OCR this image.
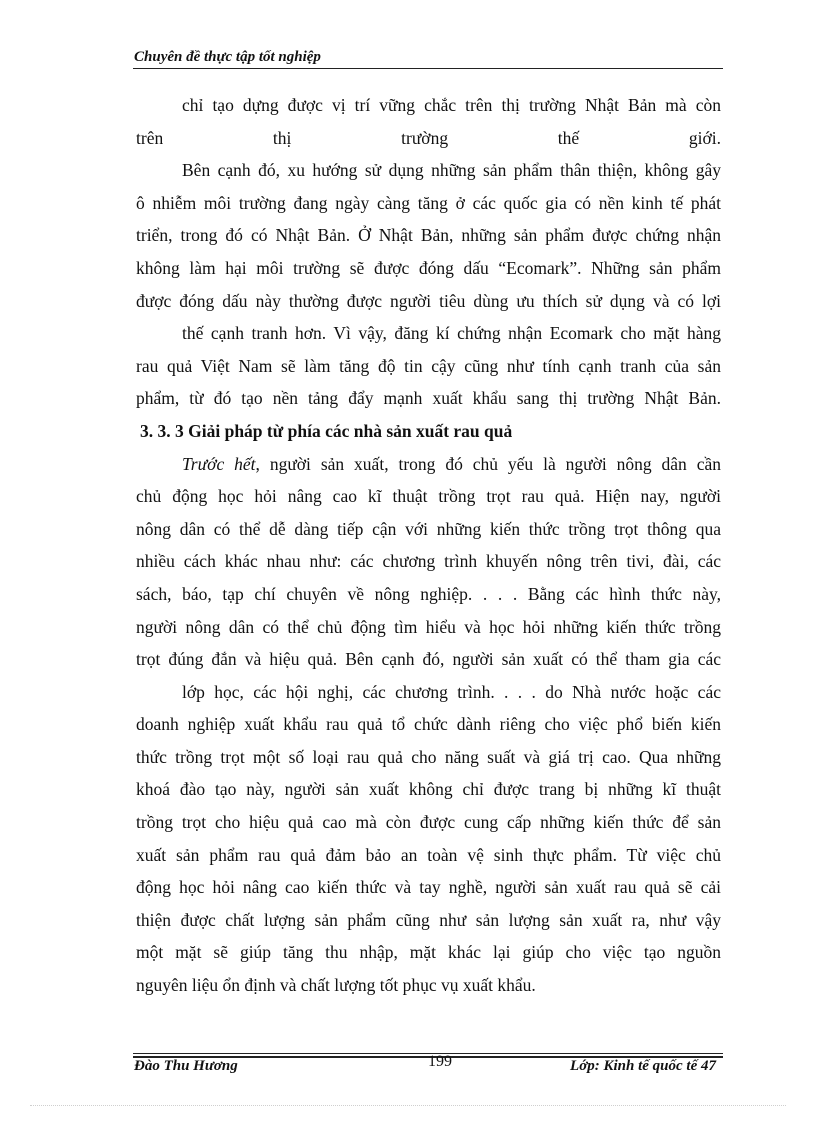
Chuyên đề thực tập tốt nghiệp
chỉ tạo dựng được vị trí vững chắc trên thị trường Nhật Bản mà còn
trên thị trường thế giới.
Bên cạnh đó, xu hướng sử dụng những sản phẩm thân thiện, không gây
ô nhiễm môi trường đang ngày càng tăng ở các quốc gia có nền kinh tế phát
triển, trong đó có Nhật Bản. Ở Nhật Bản, những sản phẩm được chứng nhận
không làm hại môi trường sẽ được đóng dấu “Ecomark”. Những sản phẩm
được đóng dấu này thường được người tiêu dùng ưu thích sử dụng và có lợi
thế cạnh tranh hơn. Vì vậy, đăng kí chứng nhận Ecomark cho mặt hàng
rau quả Việt Nam sẽ làm tăng độ tin cậy cũng như tính cạnh tranh của sản
phẩm, từ đó tạo nền tảng đẩy mạnh xuất khẩu sang thị trường Nhật Bản.
3. 3. 3 Giải pháp từ phía các nhà sản xuất rau quả
Trước hết, người sản xuất, trong đó chủ yếu là người nông dân cần
chủ động học hỏi nâng cao kĩ thuật trồng trọt rau quả. Hiện nay, người
nông dân có thể dễ dàng tiếp cận với những kiến thức trồng trọt thông qua
nhiều cách khác nhau như: các chương trình khuyến nông trên tivi, đài, các
sách, báo, tạp chí chuyên về nông nghiệp. . . . Bằng các hình thức này,
người nông dân có thể chủ động tìm hiểu và học hỏi những kiến thức trồng
trọt đúng đắn và hiệu quả. Bên cạnh đó, người sản xuất có thể tham gia các
lớp học, các hội nghị, các chương trình. . . . do Nhà nước hoặc các
doanh nghiệp xuất khẩu rau quả tổ chức dành riêng cho việc phổ biến kiến
thức trồng trọt một số loại rau quả cho năng suất và giá trị cao. Qua những
khoá đào tạo này, người sản xuất không chỉ được trang bị những kĩ thuật
trồng trọt cho hiệu quả cao mà còn được cung cấp những kiến thức để sản
xuất sản phẩm rau quả đảm bảo an toàn vệ sinh thực phẩm. Từ việc chủ
động học hỏi nâng cao kiến thức và tay nghề, người sản xuất rau quả sẽ cải
thiện được chất lượng sản phẩm cũng như sản lượng sản xuất ra, như vậy
một mặt sẽ giúp tăng thu nhập, mặt khác lại giúp cho việc tạo nguồn
nguyên liệu ổn định và chất lượng tốt phục vụ xuất khẩu.
Đào Thu Hương	199	Lớp: Kinh tế quốc tế 47
